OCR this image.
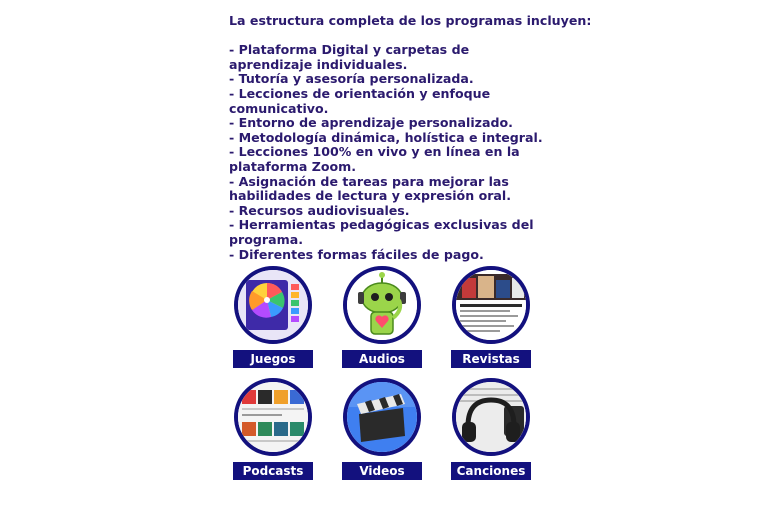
La estructura completa de los programas incluyen:

- Plataforma Digital y carpetas de aprendizaje individuales.
- Tutoría y asesoría personalizada.
- Lecciones de orientación y enfoque comunicativo.
- Entorno de aprendizaje personalizado.
- Metodología dinámica, holística e integral.
- Lecciones 100% en vivo y en línea en la plataforma Zoom.
- Asignación de tareas para mejorar las habilidades de lectura y expresión oral.
- Recursos audiovisuales.
- Herramientas pedagógicas exclusivas del programa.
- Diferentes formas fáciles de pago.
Juegos	Audios	Revistas
Podcasts	Videos	Canciones
